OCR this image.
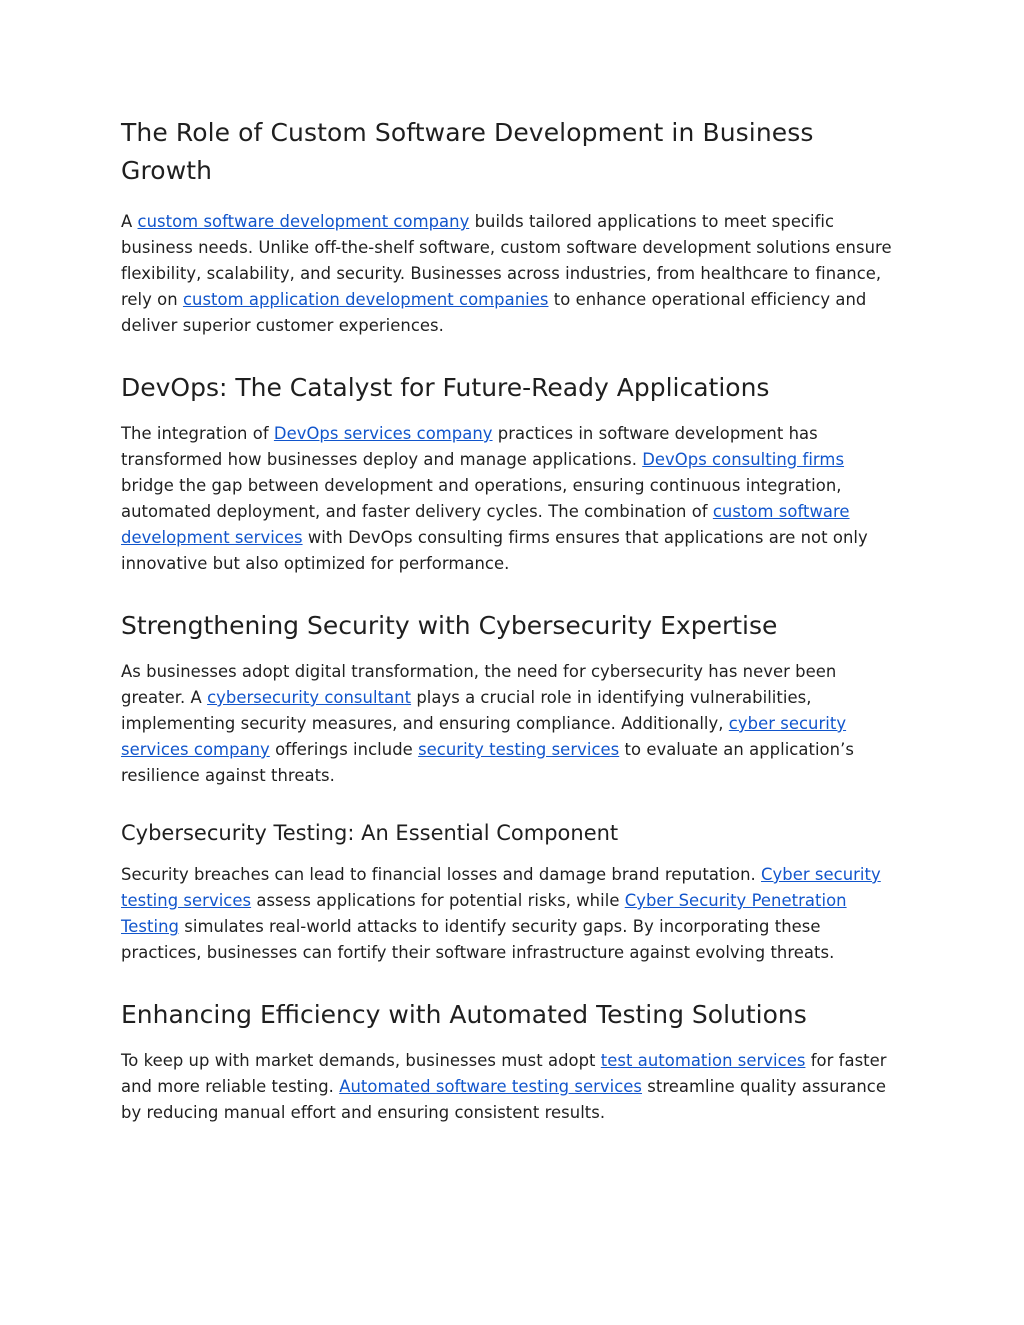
The Role of Custom Software Development in Business Growth

A custom software development company builds tailored applications to meet specific business needs. Unlike off-the-shelf software, custom software development solutions ensure flexibility, scalability, and security. Businesses across industries, from healthcare to finance, rely on custom application development companies to enhance operational efficiency and deliver superior customer experiences.

DevOps: The Catalyst for Future-Ready Applications

The integration of DevOps services company practices in software development has transformed how businesses deploy and manage applications. DevOps consulting firms bridge the gap between development and operations, ensuring continuous integration, automated deployment, and faster delivery cycles. The combination of custom software development services with DevOps consulting firms ensures that applications are not only innovative but also optimized for performance.

Strengthening Security with Cybersecurity Expertise

As businesses adopt digital transformation, the need for cybersecurity has never been greater. A cybersecurity consultant plays a crucial role in identifying vulnerabilities, implementing security measures, and ensuring compliance. Additionally, cyber security services company offerings include security testing services to evaluate an application’s resilience against threats.

Cybersecurity Testing: An Essential Component

Security breaches can lead to financial losses and damage brand reputation. Cyber security testing services assess applications for potential risks, while Cyber Security Penetration Testing simulates real-world attacks to identify security gaps. By incorporating these practices, businesses can fortify their software infrastructure against evolving threats.

Enhancing Efficiency with Automated Testing Solutions

To keep up with market demands, businesses must adopt test automation services for faster and more reliable testing. Automated software testing services streamline quality assurance by reducing manual effort and ensuring consistent results.
